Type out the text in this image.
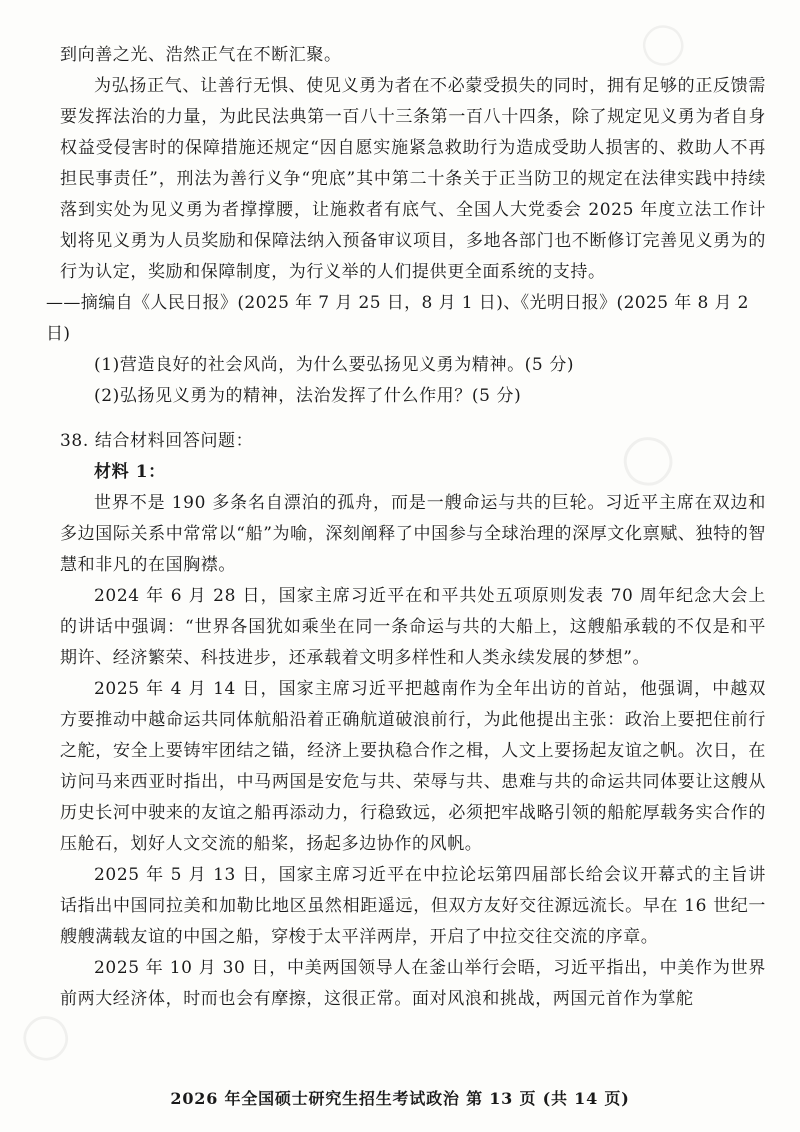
◯
◯
◯

到向善之光、浩然正气在不断汇聚。

为弘扬正气、让善行无惧、使见义勇为者在不必蒙受损失的同时，拥有足够的正反馈需要发挥法治的力量，为此民法典第一百八十三条第一百八十四条，除了规定见义勇为者自身权益受侵害时的保障措施还规定“因自愿实施紧急救助行为造成受助人损害的、救助人不再担民事责任”，刑法为善行义争“兜底”其中第二十条关于正当防卫的规定在法律实践中持续落到实处为见义勇为者撑撑腰，让施救者有底气、全国人大党委会 2025 年度立法工作计划将见义勇为人员奖励和保障法纳入预备审议项目，多地各部门也不断修订完善见义勇为的行为认定，奖励和保障制度，为行义举的人们提供更全面系统的支持。

——摘编自《人民日报》(2025 年 7 月 25 日，8 月 1 日)、《光明日报》(2025 年 8 月 2 日)

(1)营造良好的社会风尚，为什么要弘扬见义勇为精神。(5 分)

(2)弘扬见义勇为的精神，法治发挥了什么作用？(5 分)

38. 结合材料回答问题：

材料 1：

世界不是 190 多条名自漂泊的孤舟，而是一艘命运与共的巨轮。习近平主席在双边和多边国际关系中常常以“船”为喻，深刻阐释了中国参与全球治理的深厚文化禀赋、独特的智慧和非凡的在国胸襟。

2024 年 6 月 28 日，国家主席习近平在和平共处五项原则发表 70 周年纪念大会上的讲话中强调：“世界各国犹如乘坐在同一条命运与共的大船上，这艘船承载的不仅是和平期许、经济繁荣、科技进步，还承载着文明多样性和人类永续发展的梦想”。

2025 年 4 月 14 日，国家主席习近平把越南作为全年出访的首站，他强调，中越双方要推动中越命运共同体航船沿着正确航道破浪前行，为此他提出主张：政治上要把住前行之舵，安全上要铸牢团结之锚，经济上要执稳合作之楫，人文上要扬起友谊之帆。次日，在访问马来西亚时指出，中马两国是安危与共、荣辱与共、患难与共的命运共同体要让这艘从历史长河中驶来的友谊之船再添动力，行稳致远，必须把牢战略引领的船舵厚载务实合作的压舱石，划好人文交流的船桨，扬起多边协作的风帆。

2025 年 5 月 13 日，国家主席习近平在中拉论坛第四届部长给会议开幕式的主旨讲话指出中国同拉美和加勒比地区虽然相距遥远，但双方友好交往源远流长。早在 16 世纪一艘艘满载友谊的中国之船，穿梭于太平洋两岸，开启了中拉交往交流的序章。

2025 年 10 月 30 日，中美两国领导人在釜山举行会晤，习近平指出，中美作为世界前两大经济体，时而也会有摩擦，这很正常。面对风浪和挑战，两国元首作为掌舵

2026 年全国硕士研究生招生考试政治 第 13 页 (共 14 页)
